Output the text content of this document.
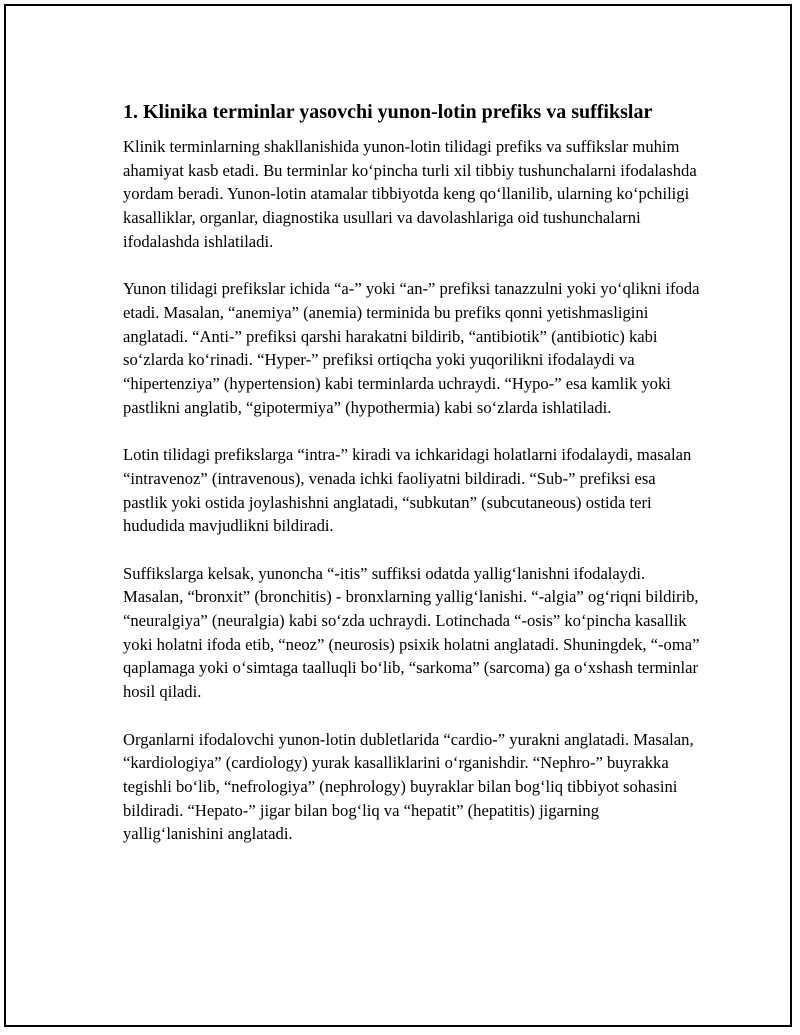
1. Klinika terminlar yasovchi yunon-lotin prefiks va suffikslar

Klinik terminlarning shakllanishida yunon-lotin tilidagi prefiks va suffikslar muhim ahamiyat kasb etadi. Bu terminlar ko‘pincha turli xil tibbiy tushunchalarni ifodalashda yordam beradi. Yunon-lotin atamalar tibbiyotda keng qo‘llanilib, ularning ko‘pchiligi kasalliklar, organlar, diagnostika usullari va davolashlariga oid tushunchalarni ifodalashda ishlatiladi.

Yunon tilidagi prefikslar ichida “a-” yoki “an-” prefiksi tanazzulni yoki yo‘qlikni ifoda etadi. Masalan, “anemiya” (anemia) terminida bu prefiks qonni yetishmasligini anglatadi. “Anti-” prefiksi qarshi harakatni bildirib, “antibiotik” (antibiotic) kabi so‘zlarda ko‘rinadi. “Hyper-” prefiksi ortiqcha yoki yuqorilikni ifodalaydi va “hipertenziya” (hypertension) kabi terminlarda uchraydi. “Hypo-” esa kamlik yoki pastlikni anglatib, “gipotermiya” (hypothermia) kabi so‘zlarda ishlatiladi.

Lotin tilidagi prefikslarga “intra-” kiradi va ichkaridagi holatlarni ifodalaydi, masalan “intravenoz” (intravenous), venada ichki faoliyatni bildiradi. “Sub-” prefiksi esa pastlik yoki ostida joylashishni anglatadi, “subkutan” (subcutaneous) ostida teri hududida mavjudlikni bildiradi.

Suffikslarga kelsak, yunoncha “-itis” suffiksi odatda yallig‘lanishni ifodalaydi. Masalan, “bronxit” (bronchitis) - bronxlarning yallig‘lanishi. “-algia” og‘riqni bildirib, “neuralgiya” (neuralgia) kabi so‘zda uchraydi. Lotinchada “-osis” ko‘pincha kasallik yoki holatni ifoda etib, “neoz” (neurosis) psixik holatni anglatadi. Shuningdek, “-oma” qaplamaga yoki o‘simtaga taalluqli bo‘lib, “sarkoma” (sarcoma) ga o‘xshash terminlar hosil qiladi.

Organlarni ifodalovchi yunon-lotin dubletlarida “cardio-” yurakni anglatadi. Masalan, “kardiologiya” (cardiology) yurak kasalliklarini o‘rganishdir. “Nephro-” buyrakka tegishli bo‘lib, “nefrologiya” (nephrology) buyraklar bilan bog‘liq tibbiyot sohasini bildiradi. “Hepato-” jigar bilan bog‘liq va “hepatit” (hepatitis) jigarning yallig‘lanishini anglatadi.
